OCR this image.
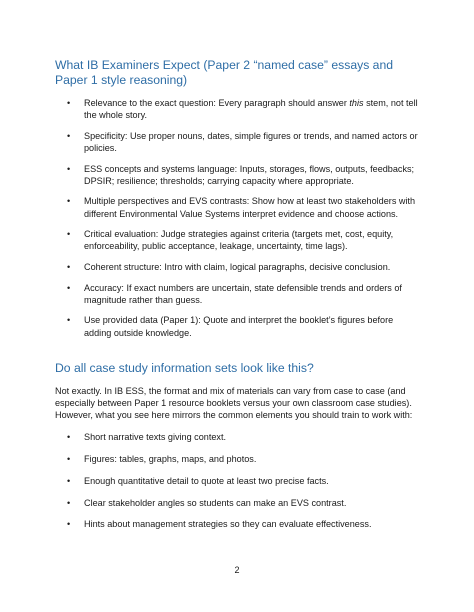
What IB Examiners Expect (Paper 2 “named case” essays and Paper 1 style reasoning)
• Relevance to the exact question: Every paragraph should answer this stem, not tell the whole story.
• Specificity: Use proper nouns, dates, simple figures or trends, and named actors or policies.
• ESS concepts and systems language: Inputs, storages, flows, outputs, feedbacks; DPSIR; resilience; thresholds; carrying capacity where appropriate.
• Multiple perspectives and EVS contrasts: Show how at least two stakeholders with different Environmental Value Systems interpret evidence and choose actions.
• Critical evaluation: Judge strategies against criteria (targets met, cost, equity, enforceability, public acceptance, leakage, uncertainty, time lags).
• Coherent structure: Intro with claim, logical paragraphs, decisive conclusion.
• Accuracy: If exact numbers are uncertain, state defensible trends and orders of magnitude rather than guess.
• Use provided data (Paper 1): Quote and interpret the booklet’s figures before adding outside knowledge.
Do all case study information sets look like this?

Not exactly. In IB ESS, the format and mix of materials can vary from case to case (and especially between Paper 1 resource booklets versus your own classroom case studies). However, what you see here mirrors the common elements you should train to work with:

• Short narrative texts giving context.
• Figures: tables, graphs, maps, and photos.
• Enough quantitative detail to quote at least two precise facts.
• Clear stakeholder angles so students can make an EVS contrast.
• Hints about management strategies so they can evaluate effectiveness.
2
